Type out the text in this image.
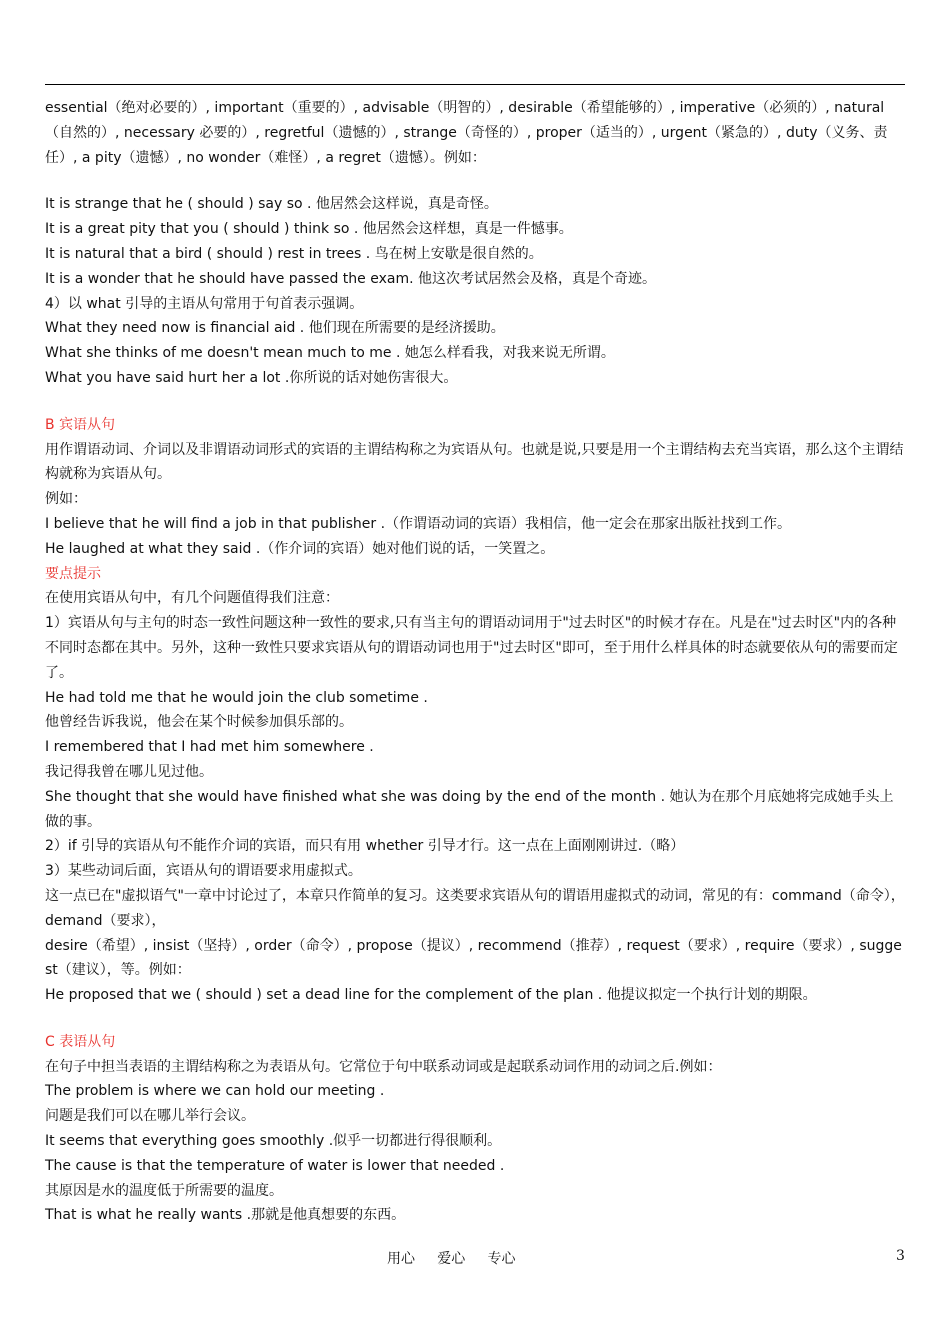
essential（绝对必要的）, important（重要的）, advisable（明智的）, desirable（希望能够的）, imperative（必须的）, natural（自然的）, necessary 必要的）, regretful（遗憾的）, strange（奇怪的）, proper（适当的）, urgent（紧急的）, duty（义务、责任）, a pity（遗憾）, no wonder（难怪）, a regret（遗憾）。例如：

It is strange that he ( should ) say so . 他居然会这样说，真是奇怪。

It is a great pity that you ( should ) think so . 他居然会这样想，真是一件憾事。

It is natural that a bird ( should ) rest in trees . 鸟在树上安歇是很自然的。

It is a wonder that he should have passed the exam. 他这次考试居然会及格，真是个奇迹。

4）以 what 引导的主语从句常用于句首表示强调。

What they need now is financial aid . 他们现在所需要的是经济援助。

What she thinks of me doesn't mean much to me . 她怎么样看我，对我来说无所谓。

What you have said hurt her a lot .你所说的话对她伤害很大。

B 宾语从句

用作谓语动词、介词以及非谓语动词形式的宾语的主谓结构称之为宾语从句。也就是说,只要是用一个主谓结构去充当宾语，那么这个主谓结构就称为宾语从句。

例如：

I believe that he will find a job in that publisher .（作谓语动词的宾语）我相信，他一定会在那家出版社找到工作。

He laughed at what they said .（作介词的宾语）她对他们说的话，一笑置之。

要点提示

在使用宾语从句中，有几个问题值得我们注意：

1）宾语从句与主句的时态一致性问题这种一致性的要求,只有当主句的谓语动词用于"过去时区"的时候才存在。凡是在"过去时区"内的各种不同时态都在其中。另外，这种一致性只要求宾语从句的谓语动词也用于"过去时区"即可，至于用什么样具体的时态就要依从句的需要而定了。

He had told me that he would join the club sometime .

他曾经告诉我说，他会在某个时候参加俱乐部的。

I remembered that I had met him somewhere .

我记得我曾在哪儿见过他。

She thought that she would have finished what she was doing by the end of the month . 她认为在那个月底她将完成她手头上做的事。

2）if 引导的宾语从句不能作介词的宾语，而只有用 whether 引导才行。这一点在上面刚刚讲过.（略）

3）某些动词后面，宾语从句的谓语要求用虚拟式。

这一点已在"虚拟语气"一章中讨论过了，本章只作简单的复习。这类要求宾语从句的谓语用虚拟式的动词，常见的有：command（命令），

demand（要求），

desire（希望）, insist（坚持）, order（命令）, propose（提议）, recommend（推荐）, request（要求）, require（要求）, suggest（建议），等。例如：

He proposed that we ( should ) set a dead line for the complement of the plan . 他提议拟定一个执行计划的期限。

C 表语从句

在句子中担当表语的主谓结构称之为表语从句。它常位于句中联系动词或是起联系动词作用的动词之后.例如：

The problem is where we can hold our meeting .

问题是我们可以在哪儿举行会议。

It seems that everything goes smoothly .似乎一切都进行得很顺利。

The cause is that the temperature of water is lower that needed .

其原因是水的温度低于所需要的温度。

That is what he really wants .那就是他真想要的东西。

用心     爱心     专心	3
